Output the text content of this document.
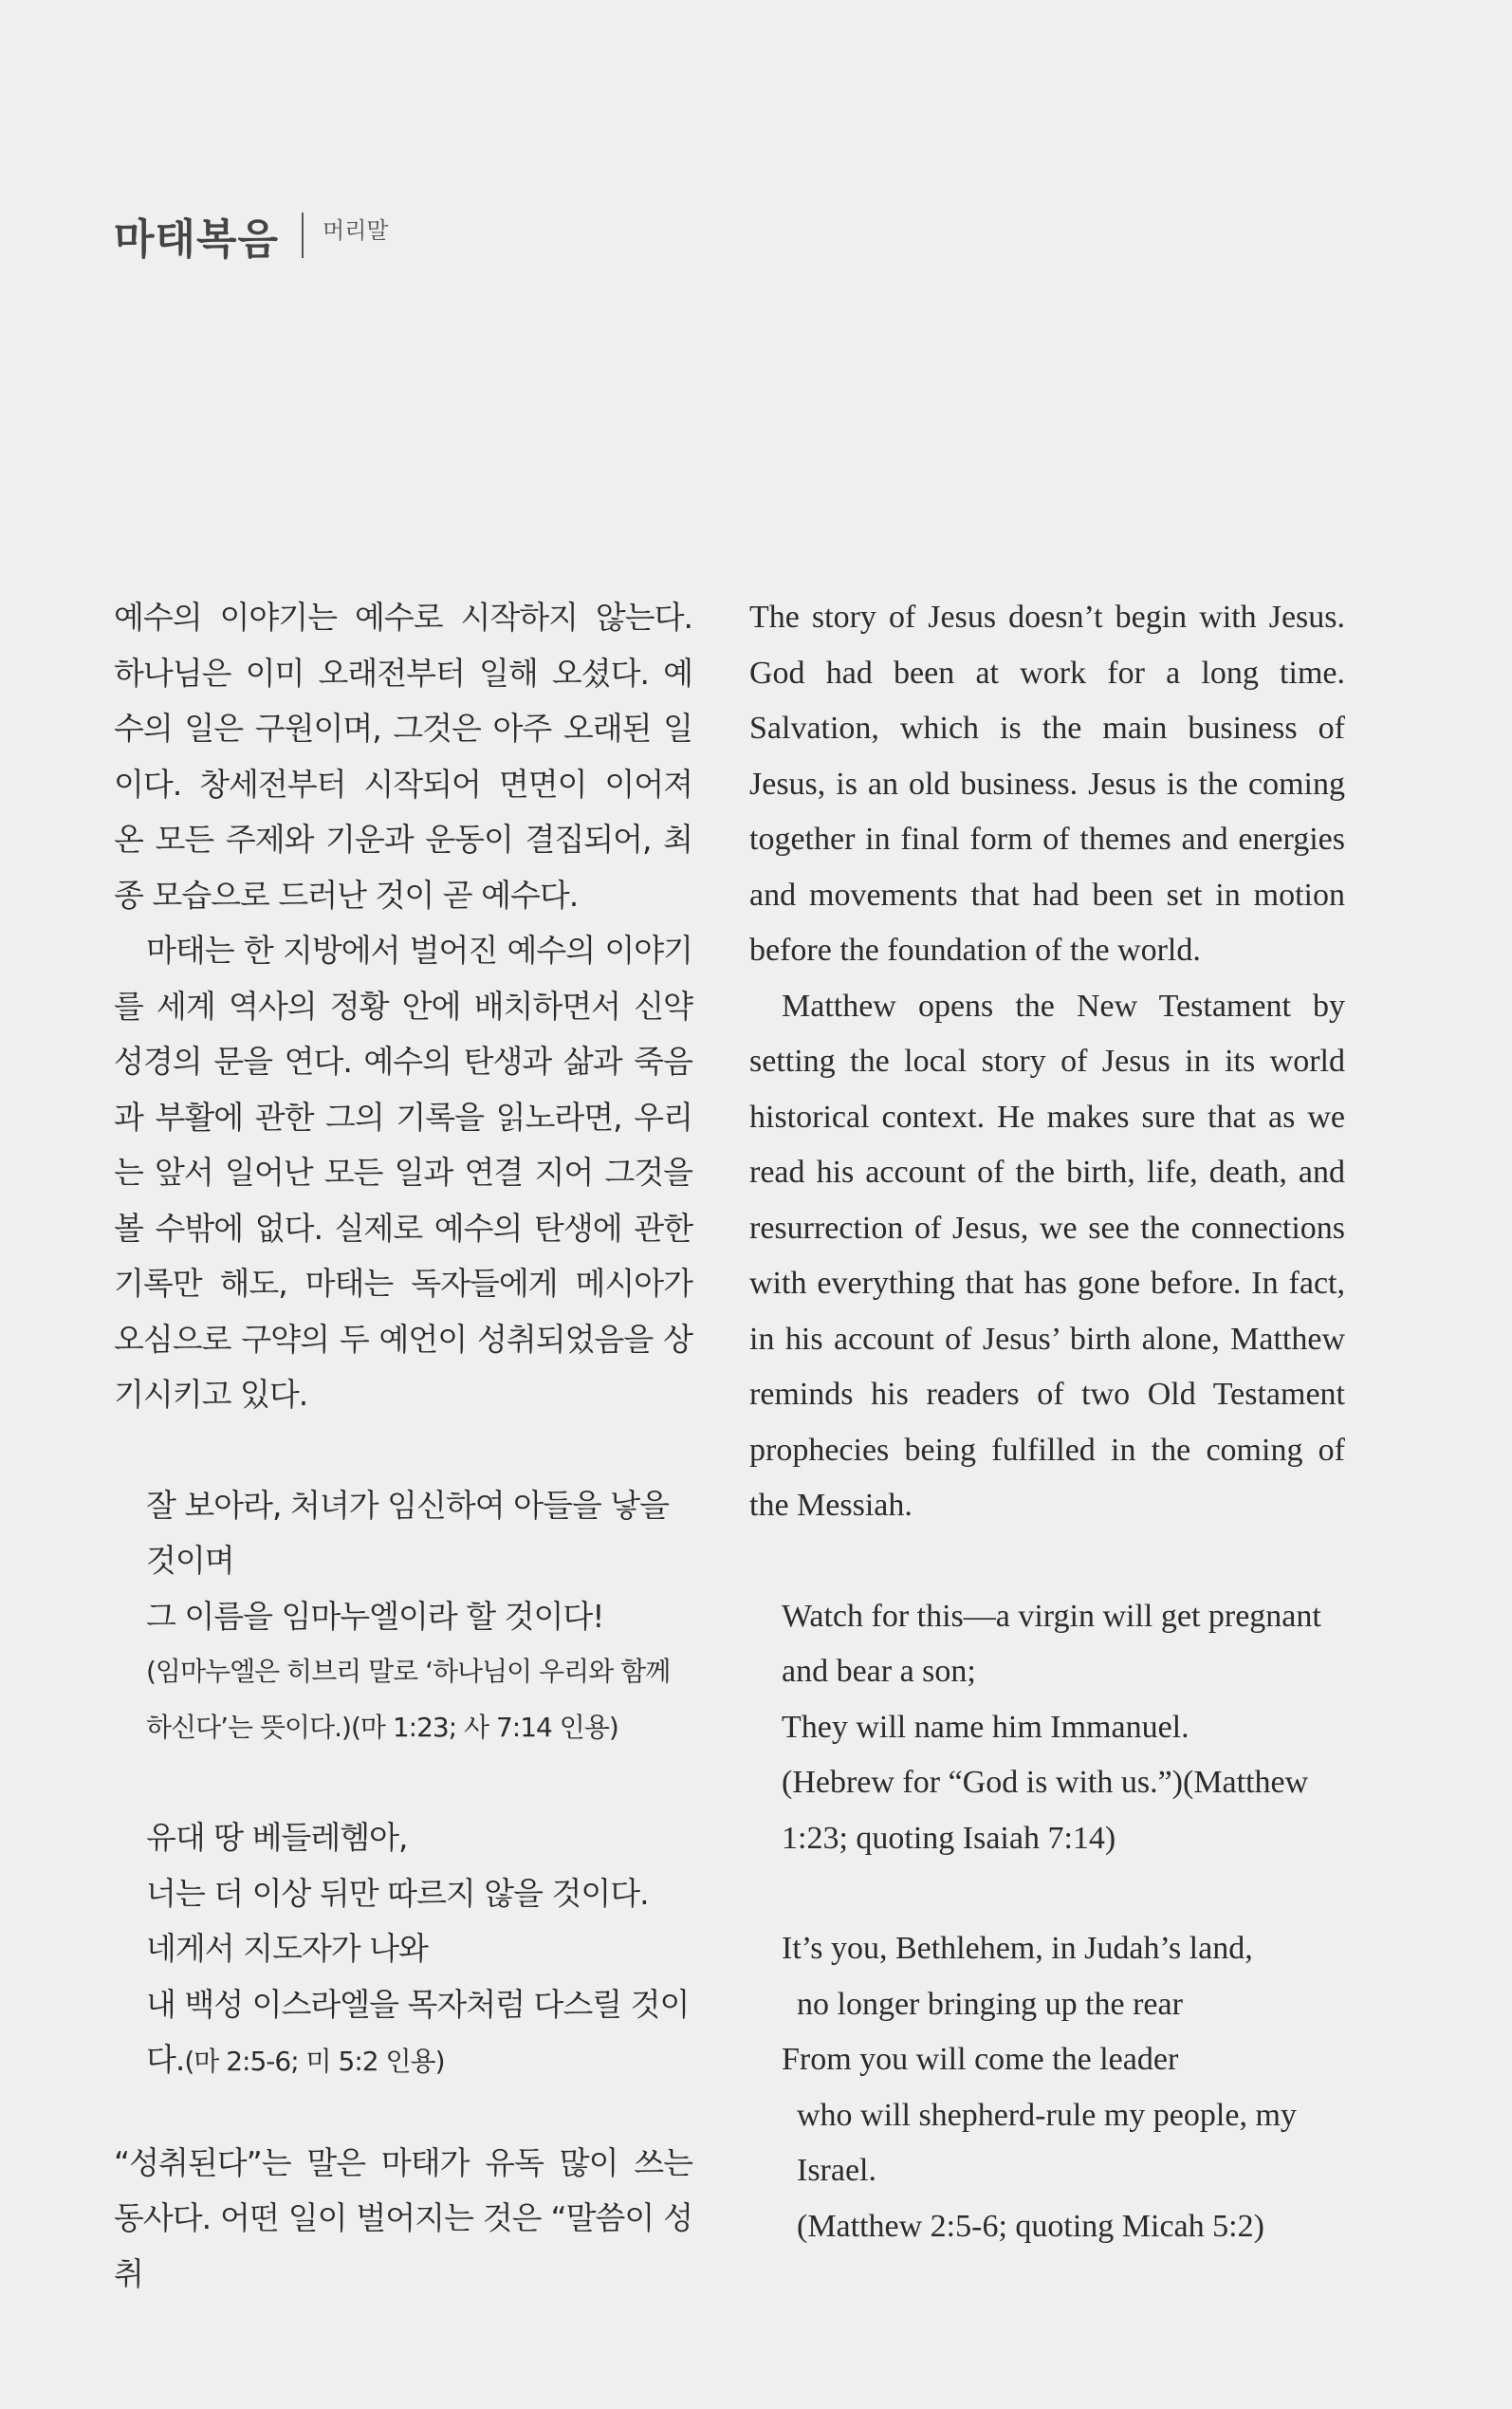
마태복음 머리말

예수의 이야기는 예수로 시작하지 않는다. 하나님은 이미 오래전부터 일해 오셨다. 예수의 일은 구원이며, 그것은 아주 오래된 일이다. 창세전부터 시작되어 면면이 이어져 온 모든 주제와 기운과 운동이 결집되어, 최종 모습으로 드러난 것이 곧 예수다.

마태는 한 지방에서 벌어진 예수의 이야기를 세계 역사의 정황 안에 배치하면서 신약성경의 문을 연다. 예수의 탄생과 삶과 죽음과 부활에 관한 그의 기록을 읽노라면, 우리는 앞서 일어난 모든 일과 연결 지어 그것을 볼 수밖에 없다. 실제로 예수의 탄생에 관한 기록만 해도, 마태는 독자들에게 메시아가 오심으로 구약의 두 예언이 성취되었음을 상기시키고 있다.

잘 보아라, 처녀가 임신하여 아들을 낳을 것이며
그 이름을 임마누엘이라 할 것이다!
(임마누엘은 히브리 말로 ‘하나님이 우리와 함께하신다’는 뜻이다.)(마 1:23; 사 7:14 인용)
유대 땅 베들레헴아,
너는 더 이상 뒤만 따르지 않을 것이다.
네게서 지도자가 나와
내 백성 이스라엘을 목자처럼 다스릴 것이다.(마 2:5-6; 미 5:2 인용)

“성취된다”는 말은 마태가 유독 많이 쓰는 동사다. 어떤 일이 벌어지는 것은 “말씀이 성취

The story of Jesus doesn’t begin with Jesus. God had been at work for a long time. Salvation, which is the main business of Jesus, is an old business. Jesus is the coming together in final form of themes and energies and movements that had been set in motion before the foundation of the world.

Matthew opens the New Testament by setting the local story of Jesus in its world historical context. He makes sure that as we read his account of the birth, life, death, and resurrection of Jesus, we see the connections with everything that has gone before. In fact, in his account of Jesus’ birth alone, Matthew reminds his readers of two Old Testament prophecies being fulfilled in the coming of the Messiah.

Watch for this—a virgin will get pregnant and bear a son;
They will name him Immanuel.
(Hebrew for “God is with us.”)(Matthew 1:23; quoting Isaiah 7:14)
It’s you, Bethlehem, in Judah’s land,
no longer bringing up the rear
From you will come the leader
who will shepherd-rule my people, my Israel.
(Matthew 2:5-6; quoting Micah 5:2)
